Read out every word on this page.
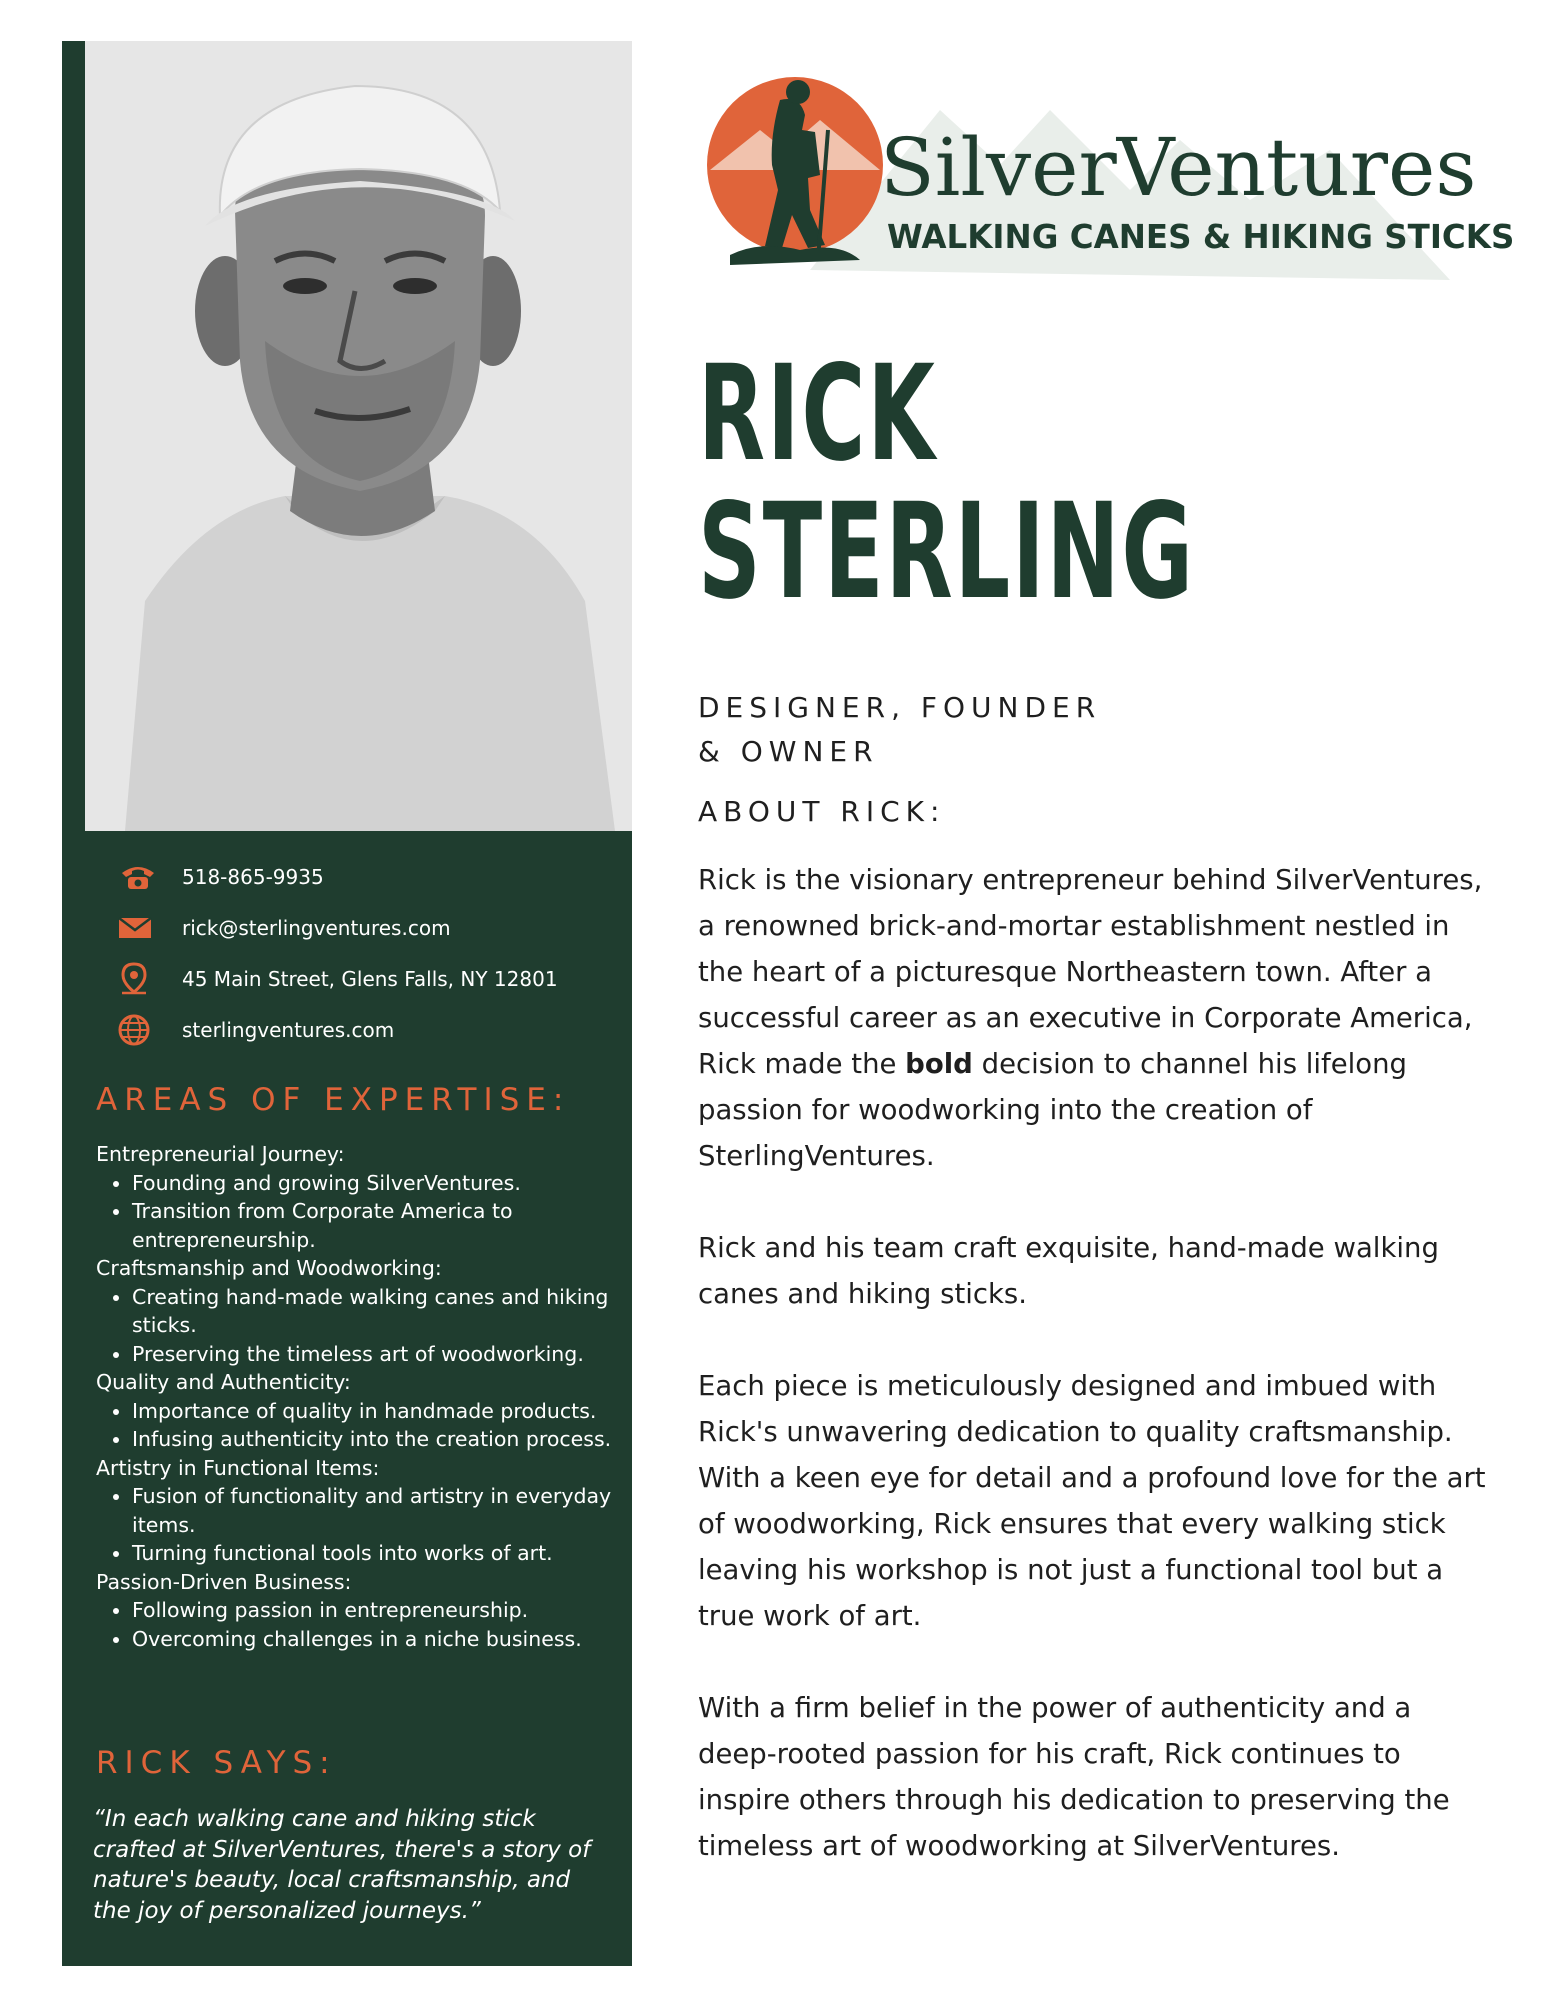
518-865-9935
rick@sterlingventures.com
45 Main Street, Glens Falls, NY 12801
sterlingventures.com
AREAS OF EXPERTISE:

Entrepreneurial Journey:

• Founding and growing SilverVentures.
• Transition from Corporate America to entrepreneurship.

Craftsmanship and Woodworking:

• Creating hand-made walking canes and hiking sticks.
• Preserving the timeless art of woodworking.

Quality and Authenticity:

• Importance of quality in handmade products.
• Infusing authenticity into the creation process.

Artistry in Functional Items:

• Fusion of functionality and artistry in everyday items.
• Turning functional tools into works of art.

Passion-Driven Business:

• Following passion in entrepreneurship.
• Overcoming challenges in a niche business.
RICK SAYS:
“In each walking cane and hiking stick crafted at SilverVentures, there's a story of nature's beauty, local craftsmanship, and the joy of personalized journeys.”
SilverVentures
WALKING CANES & HIKING STICKS
RICK
STERLING
DESIGNER, FOUNDER
& OWNER
ABOUT RICK:

Rick is the visionary entrepreneur behind SilverVentures, a renowned brick-and-mortar establishment nestled in the heart of a picturesque Northeastern town. After a successful career as an executive in Corporate America, Rick made the bold decision to channel his lifelong passion for woodworking into the creation of SterlingVentures.

Rick and his team craft exquisite, hand-made walking canes and hiking sticks.

Each piece is meticulously designed and imbued with Rick's unwavering dedication to quality craftsmanship. With a keen eye for detail and a profound love for the art of woodworking, Rick ensures that every walking stick leaving his workshop is not just a functional tool but a true work of art.

With a firm belief in the power of authenticity and a deep-rooted passion for his craft, Rick continues to inspire others through his dedication to preserving the timeless art of woodworking at SilverVentures.
